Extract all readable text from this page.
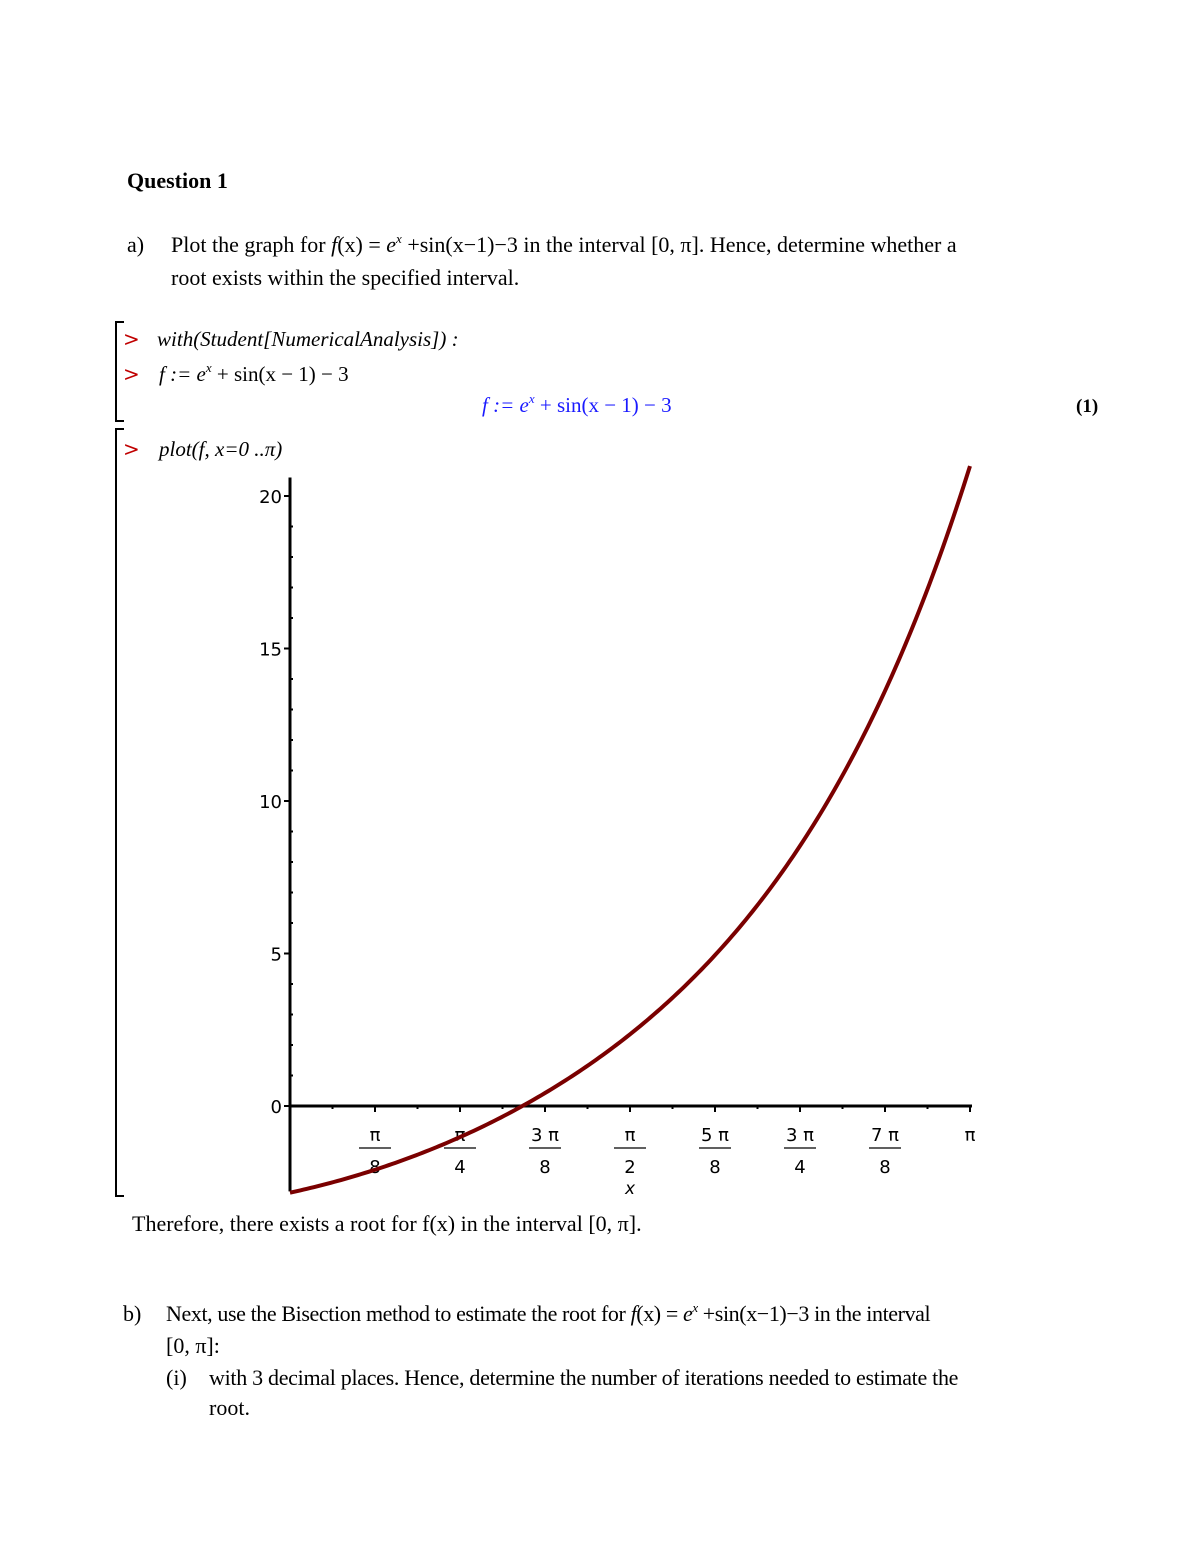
Question 1
a) Plot the graph for $f(x) = e^x +\sin(x-1)-3$ in the interval [0, π]. Hence, determine whether a
root exists within the specified interval.
> with(Student[NumericalAnalysis]) :
> f := $e^x + \sin(x - 1) - 3$
f := $e^x + \sin(x - 1) - 3$	(1)
> plot(f, x=0 ..π)
0
5
10
15
20
π
8
π
4
3 π
8
π
2
5 π
8
3 π
4
7 π
8
π
x
Therefore, there exists a root for f(x) in the interval [0, π].
b) Next, use the Bisection method to estimate the root for $f(x) = e^x +\sin(x-1)-3$ in the interval
[0, π]:
(i) with 3 decimal places. Hence, determine the number of iterations needed to estimate the
root.
